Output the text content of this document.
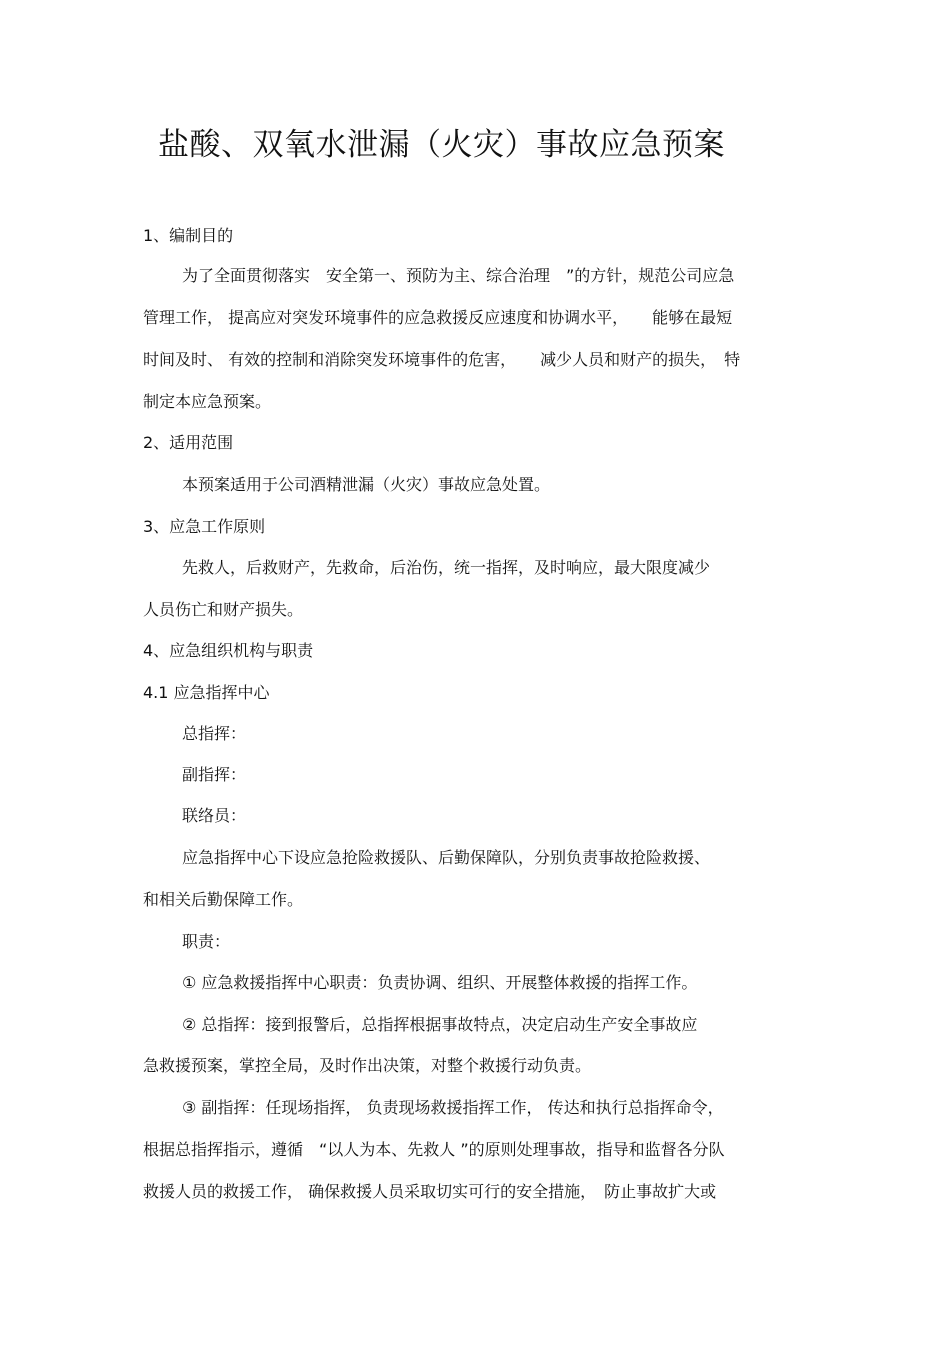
盐酸、双氧水泄漏（火灾）事故应急预案
1、编制目的
为了全面贯彻落实　安全第一、预防为主、综合治理　”的方针，规范公司应急
管理工作， 提高应对突发环境事件的应急救援反应速度和协调水平，　　能够在最短
时间及时、 有效的控制和消除突发环境事件的危害，　　减少人员和财产的损失，　特
制定本应急预案。
2、适用范围
本预案适用于公司酒精泄漏（火灾）事故应急处置。
3、应急工作原则
先救人，后救财产，先救命，后治伤，统一指挥，及时响应，最大限度减少
人员伤亡和财产损失。
4、应急组织机构与职责
4.1 应急指挥中心
总指挥：
副指挥：
联络员：
应急指挥中心下设应急抢险救援队、后勤保障队，分别负责事故抢险救援、
和相关后勤保障工作。
职责：
① 应急救援指挥中心职责：负责协调、组织、开展整体救援的指挥工作。
② 总指挥：接到报警后，总指挥根据事故特点，决定启动生产安全事故应
急救援预案，掌控全局，及时作出决策，对整个救援行动负责。
③ 副指挥：任现场指挥， 负责现场救援指挥工作， 传达和执行总指挥命令，
根据总指挥指示，遵循　“以人为本、先救人 ”的原则处理事故，指导和监督各分队
救援人员的救援工作， 确保救援人员采取切实可行的安全措施，　防止事故扩大或
